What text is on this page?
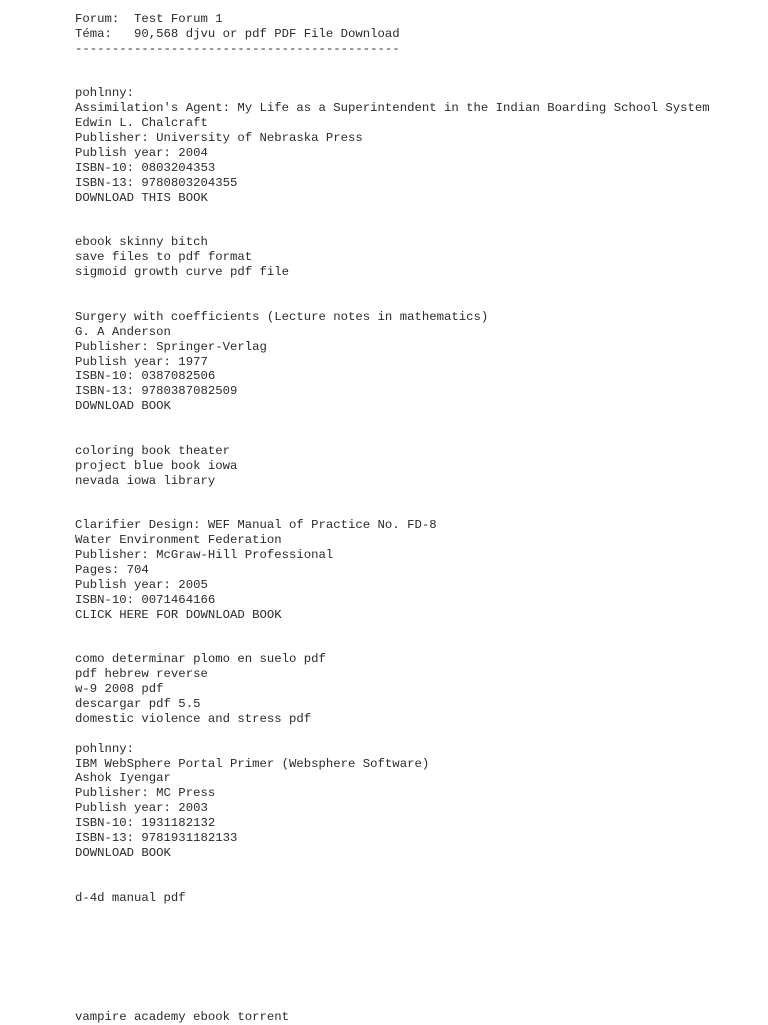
Forum:  Test Forum 1
Téma:   90,568 djvu or pdf PDF File Download
--------------------------------------------
pohlnny:
Assimilation's Agent: My Life as a Superintendent in the Indian Boarding School System
Edwin L. Chalcraft
Publisher: University of Nebraska Press
Publish year: 2004
ISBN-10: 0803204353
ISBN-13: 9780803204355
DOWNLOAD THIS BOOK
ebook skinny bitch
save files to pdf format
sigmoid growth curve pdf file
Surgery with coefficients (Lecture notes in mathematics)
G. A Anderson
Publisher: Springer-Verlag
Publish year: 1977
ISBN-10: 0387082506
ISBN-13: 9780387082509
DOWNLOAD BOOK
coloring book theater
project blue book iowa
nevada iowa library
Clarifier Design: WEF Manual of Practice No. FD-8
Water Environment Federation
Publisher: McGraw-Hill Professional
Pages: 704
Publish year: 2005
ISBN-10: 0071464166
CLICK HERE FOR DOWNLOAD BOOK
como determinar plomo en suelo pdf
pdf hebrew reverse
w-9 2008 pdf
descargar pdf 5.5
domestic violence and stress pdf
pohlnny:
IBM WebSphere Portal Primer (Websphere Software)
Ashok Iyengar
Publisher: MC Press
Publish year: 2003
ISBN-10: 1931182132
ISBN-13: 9781931182133
DOWNLOAD BOOK
d-4d manual pdf
vampire academy ebook torrent
